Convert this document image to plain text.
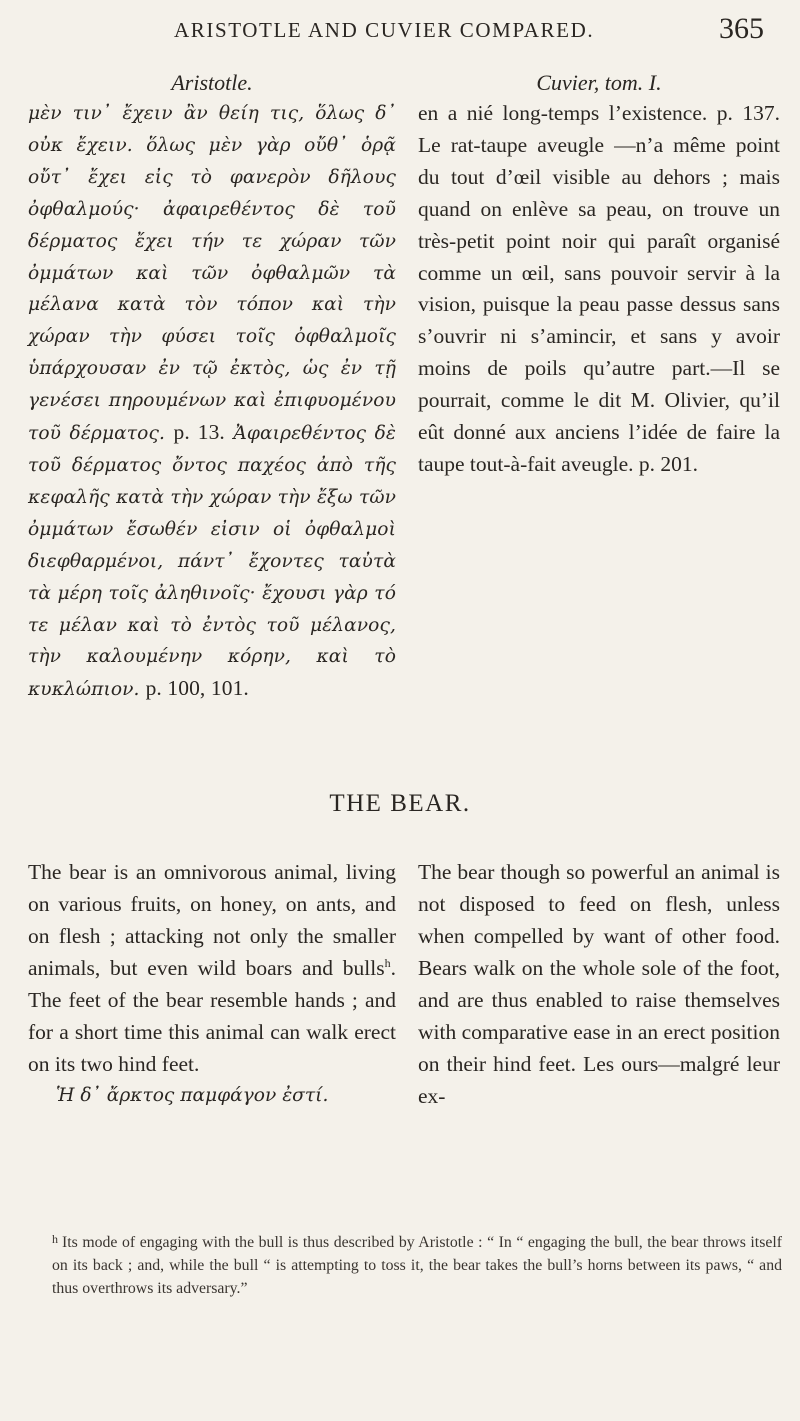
ARISTOTLE AND CUVIER COMPARED.	365
Aristotle.

μὲν τιν᾽ ἔχειν ἂν θείη τις, ὅλως δ᾽ οὐκ ἔχειν. ὅλως μὲν γὰρ οὔθ᾽ ὁρᾷ οὔτ᾽ ἔχει εἰς τὸ φανερὸν δῆλους ὀφθαλμούς· ἀφαιρεθέντος δὲ τοῦ δέρματος ἔχει τήν τε χώραν τῶν ὀμμάτων καὶ τῶν ὀφθαλμῶν τὰ μέλανα κατὰ τὸν τόπον καὶ τὴν χώραν τὴν φύσει τοῖς ὀφθαλμοῖς ὑπάρχουσαν ἐν τῷ ἐκτὸς, ὡς ἐν τῇ γενέσει πηρουμένων καὶ ἐπιφυομένου τοῦ δέρματος. p. 13. Ἀφαιρεθέντος δὲ τοῦ δέρματος ὄντος παχέος ἀπὸ τῆς κεφαλῆς κατὰ τὴν χώραν τὴν ἔξω τῶν ὀμμάτων ἔσωθέν εἰσιν οἱ ὀφθαλμοὶ διεφθαρμένοι, πάντ᾽ ἔχοντες ταὐτὰ τὰ μέρη τοῖς ἀληθινοῖς· ἔχουσι γὰρ τό τε μέλαν καὶ τὸ ἐντὸς τοῦ μέλανος, τὴν καλουμένην κόρην, καὶ τὸ κυκλώπιον. p. 100, 101.

Cuvier, tom. I.

en a nié long-temps l’existence. p. 137. Le rat-taupe aveugle —n’a même point du tout d’œil visible au dehors ; mais quand on enlève sa peau, on trouve un très-petit point noir qui paraît organisé comme un œil, sans pouvoir servir à la vision, puisque la peau passe dessus sans s’ouvrir ni s’amincir, et sans y avoir moins de poils qu’autre part.—Il se pourrait, comme le dit M. Olivier, qu’il eût donné aux anciens l’idée de faire la taupe tout-à-fait aveugle. p. 201.

THE BEAR.

The bear is an omnivorous animal, living on various fruits, on honey, on ants, and on flesh ; attacking not only the smaller animals, but even wild boars and bulls$^h$. The feet of the bear resemble hands ; and for a short time this animal can walk erect on its two hind feet.

Ἡ δ᾽ ἄρκτος παμφάγον ἐστί.

The bear though so powerful an animal is not disposed to feed on flesh, unless when compelled by want of other food. Bears walk on the whole sole of the foot, and are thus enabled to raise themselves with comparative ease in an erect position on their hind feet. Les ours—malgré leur ex-

$^h$ Its mode of engaging with the bull is thus described by Aristotle : “ In “ engaging the bull, the bear throws itself on its back ; and, while the bull “ is attempting to toss it, the bear takes the bull’s horns between its paws, “ and thus overthrows its adversary.”
